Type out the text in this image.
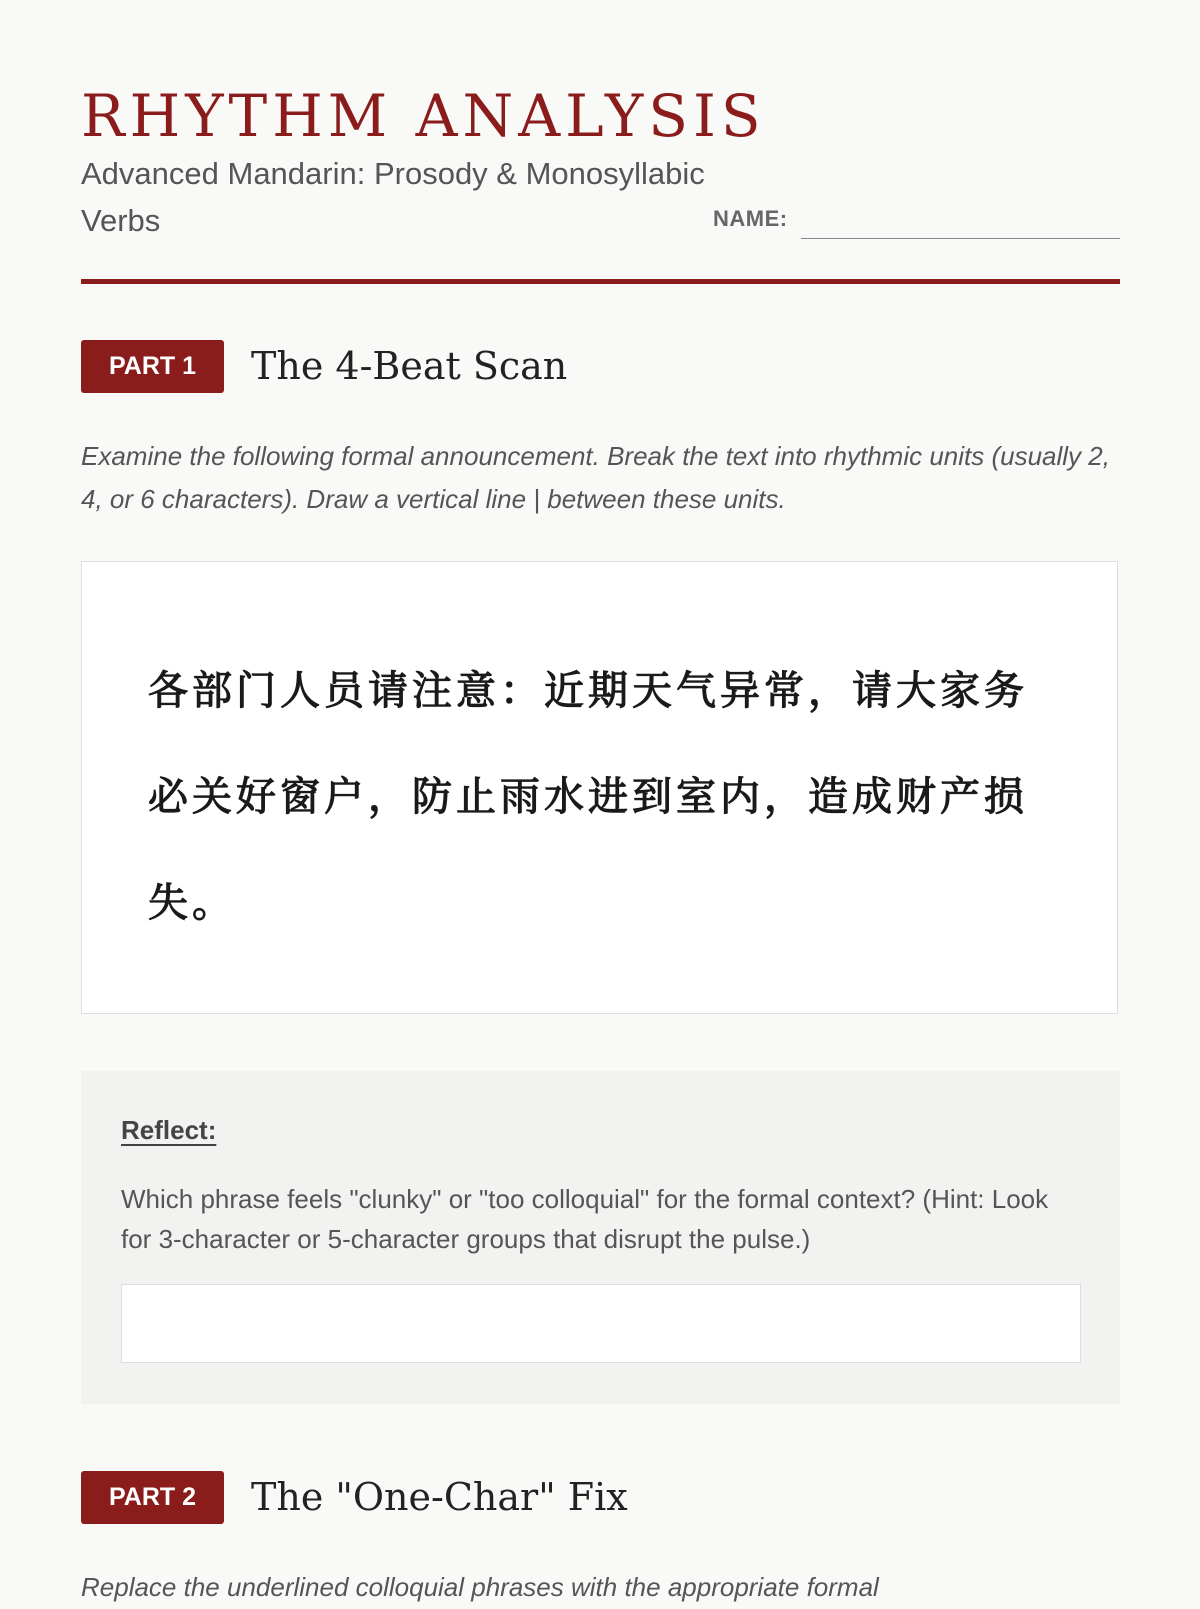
RHYTHM ANALYSIS
Advanced Mandarin: Prosody & Monosyllabic Verbs	NAME:
PART 1	The 4-Beat Scan
Examine the following formal announcement. Break the text into rhythmic units (usually 2, 4, or 6 characters). Draw a vertical line | between these units.
各部门人员请注意：近期天气异常，请大家务必关好窗户，防止雨水进到室内，造成财产损失。
Reflect:
Which phrase feels "clunky" or "too colloquial" for the formal context? (Hint: Look for 3-character or 5-character groups that disrupt the pulse.)
PART 2	The "One-Char" Fix
Replace the underlined colloquial phrases with the appropriate formal
